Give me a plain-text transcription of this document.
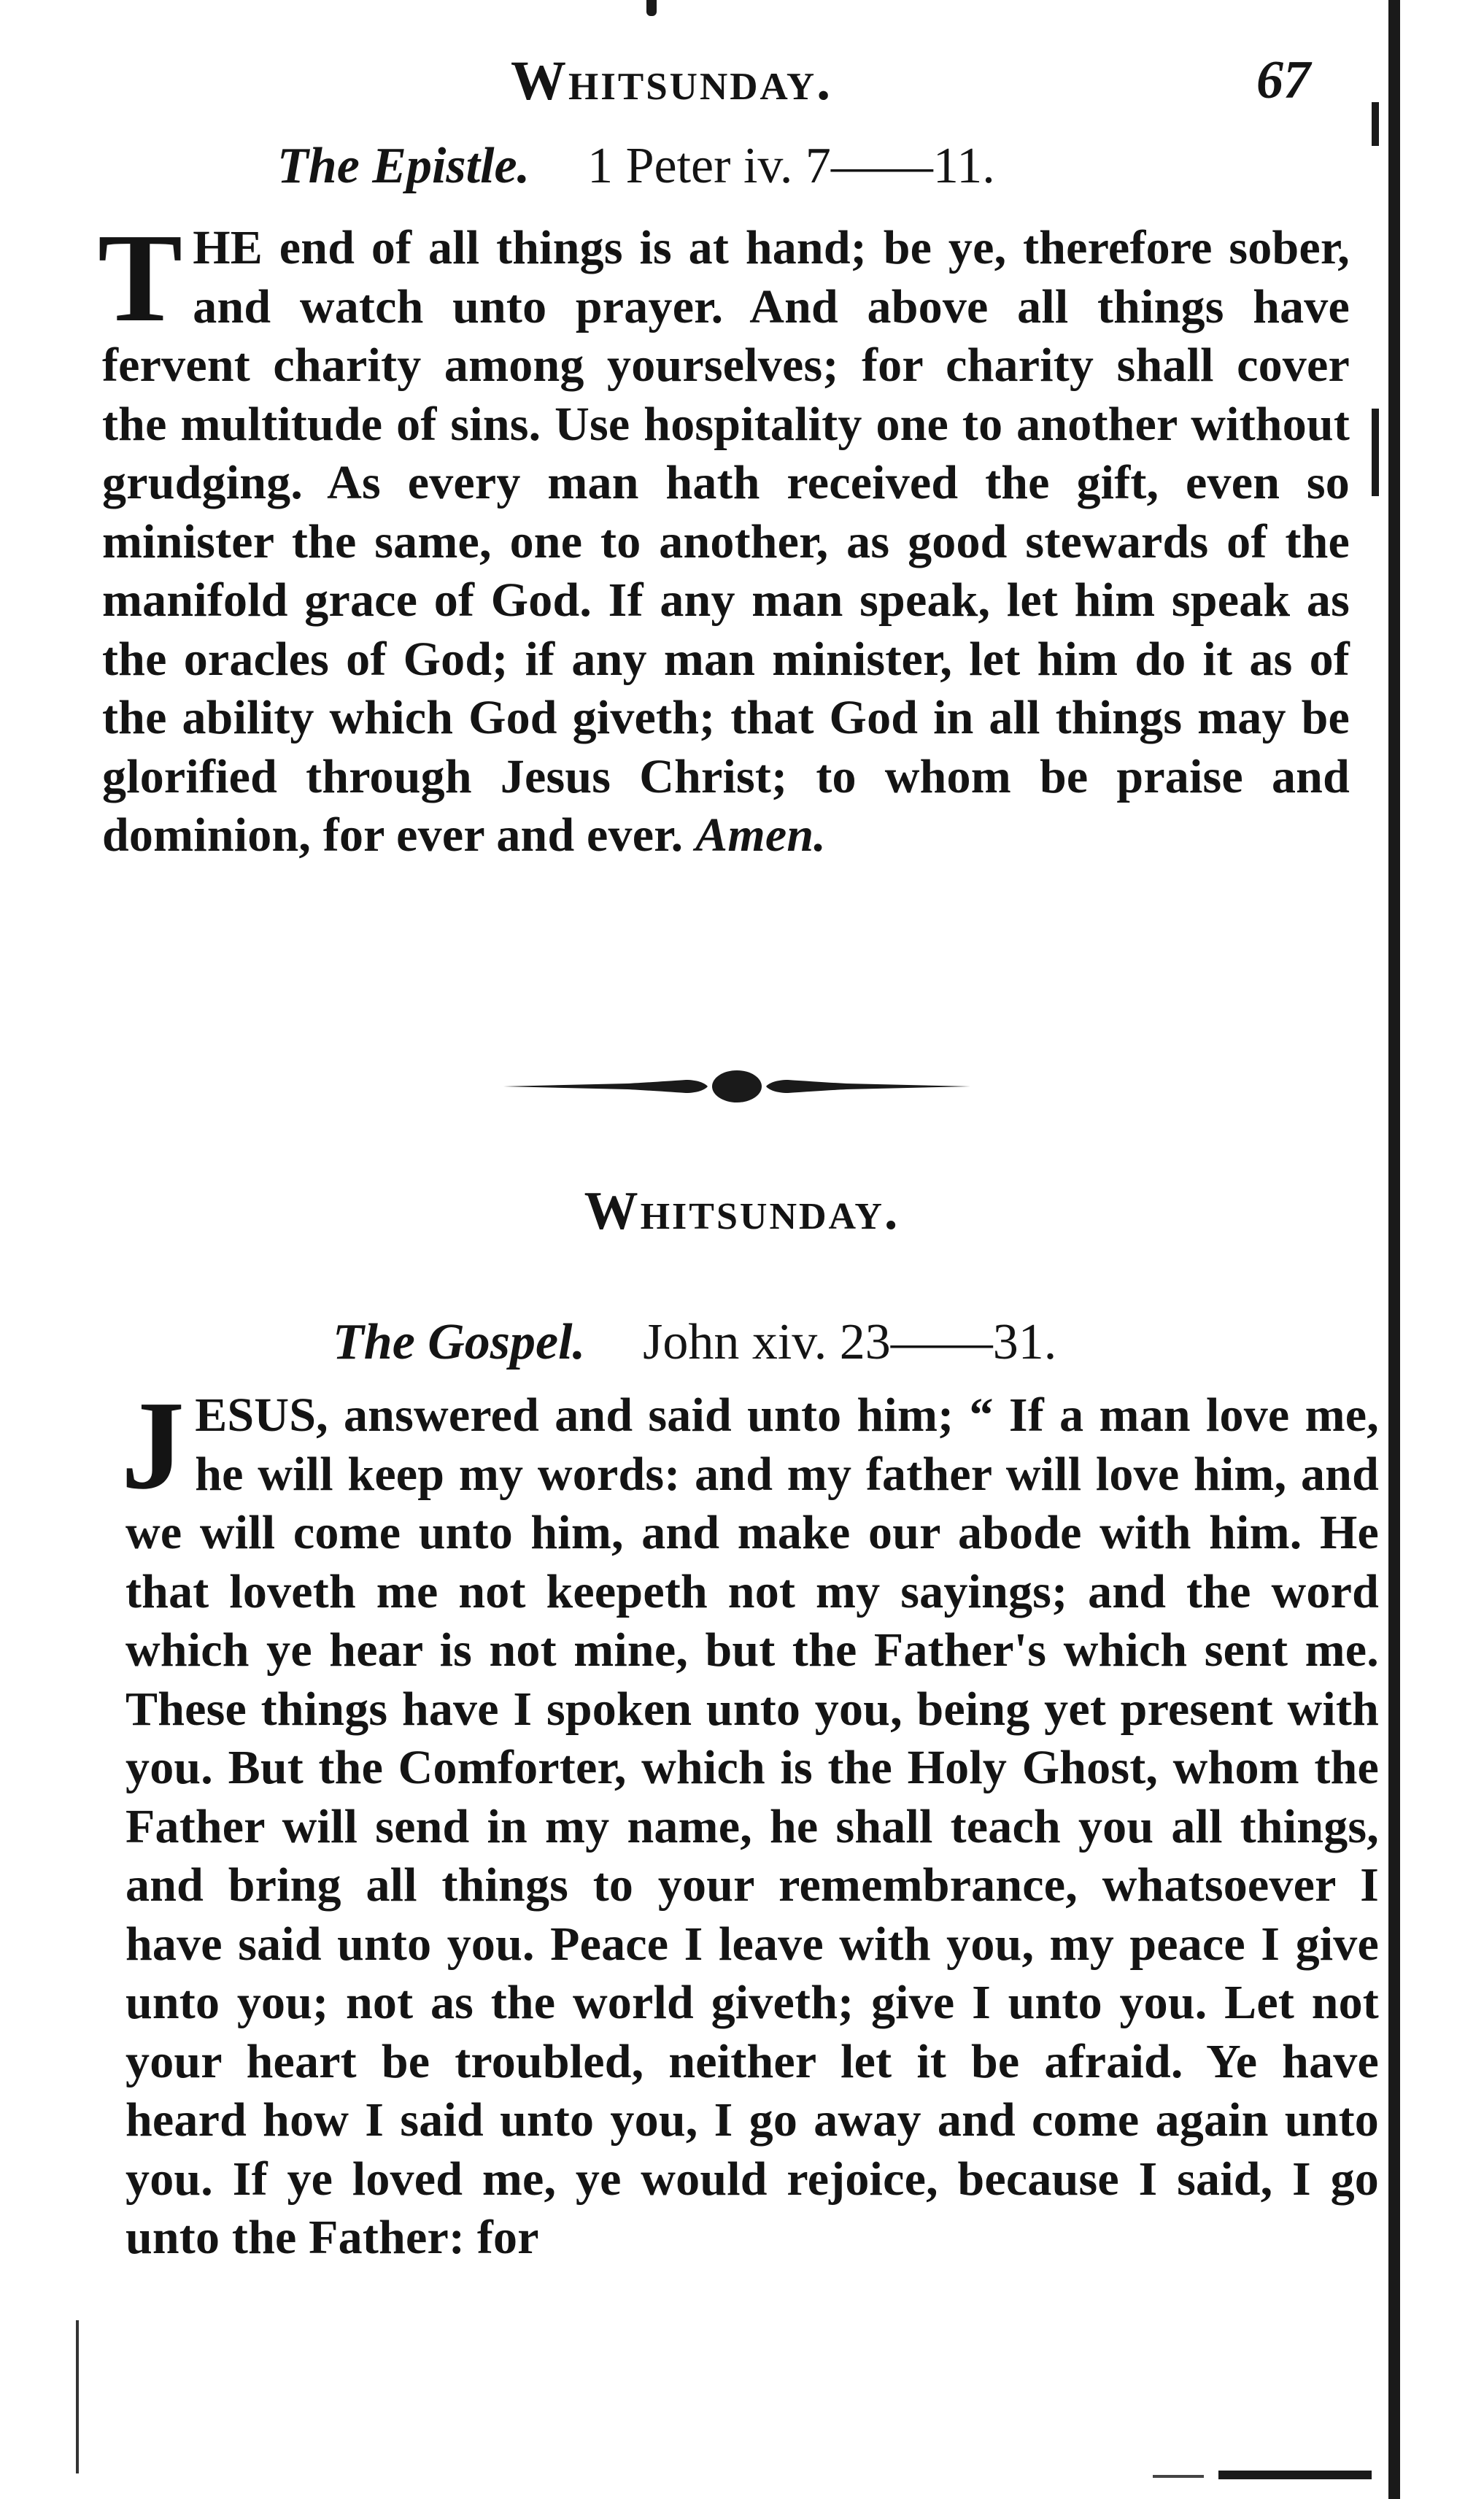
Whitsunday.	67
The Epistle. 1 Peter iv. 7——11.
THE end of all things is at hand; be ye, therefore sober, and watch unto prayer. And above all things have fervent charity among yourselves; for charity shall cover the multitude of sins. Use hospitality one to another without grudging. As every man hath received the gift, even so minister the same, one to another, as good stewards of the manifold grace of God. If any man speak, let him speak as the oracles of God; if any man minister, let him do it as of the ability which God giveth; that God in all things may be glorified through Jesus Christ; to whom be praise and dominion, for ever and ever. Amen.
Whitsunday.
The Gospel. John xiv. 23——31.
JESUS, answered and said unto him; “ If a man love me, he will keep my words: and my father will love him, and we will come unto him, and make our abode with him. He that loveth me not keepeth not my sayings; and the word which ye hear is not mine, but the Father's which sent me. These things have I spoken unto you, being yet present with you. But the Comforter, which is the Holy Ghost, whom the Father will send in my name, he shall teach you all things, and bring all things to your remembrance, whatsoever I have said unto you. Peace I leave with you, my peace I give unto you; not as the world giveth; give I unto you. Let not your heart be troubled, neither let it be afraid. Ye have heard how I said unto you, I go away and come again unto you. If ye loved me, ye would rejoice, because I said, I go unto the Father: for
